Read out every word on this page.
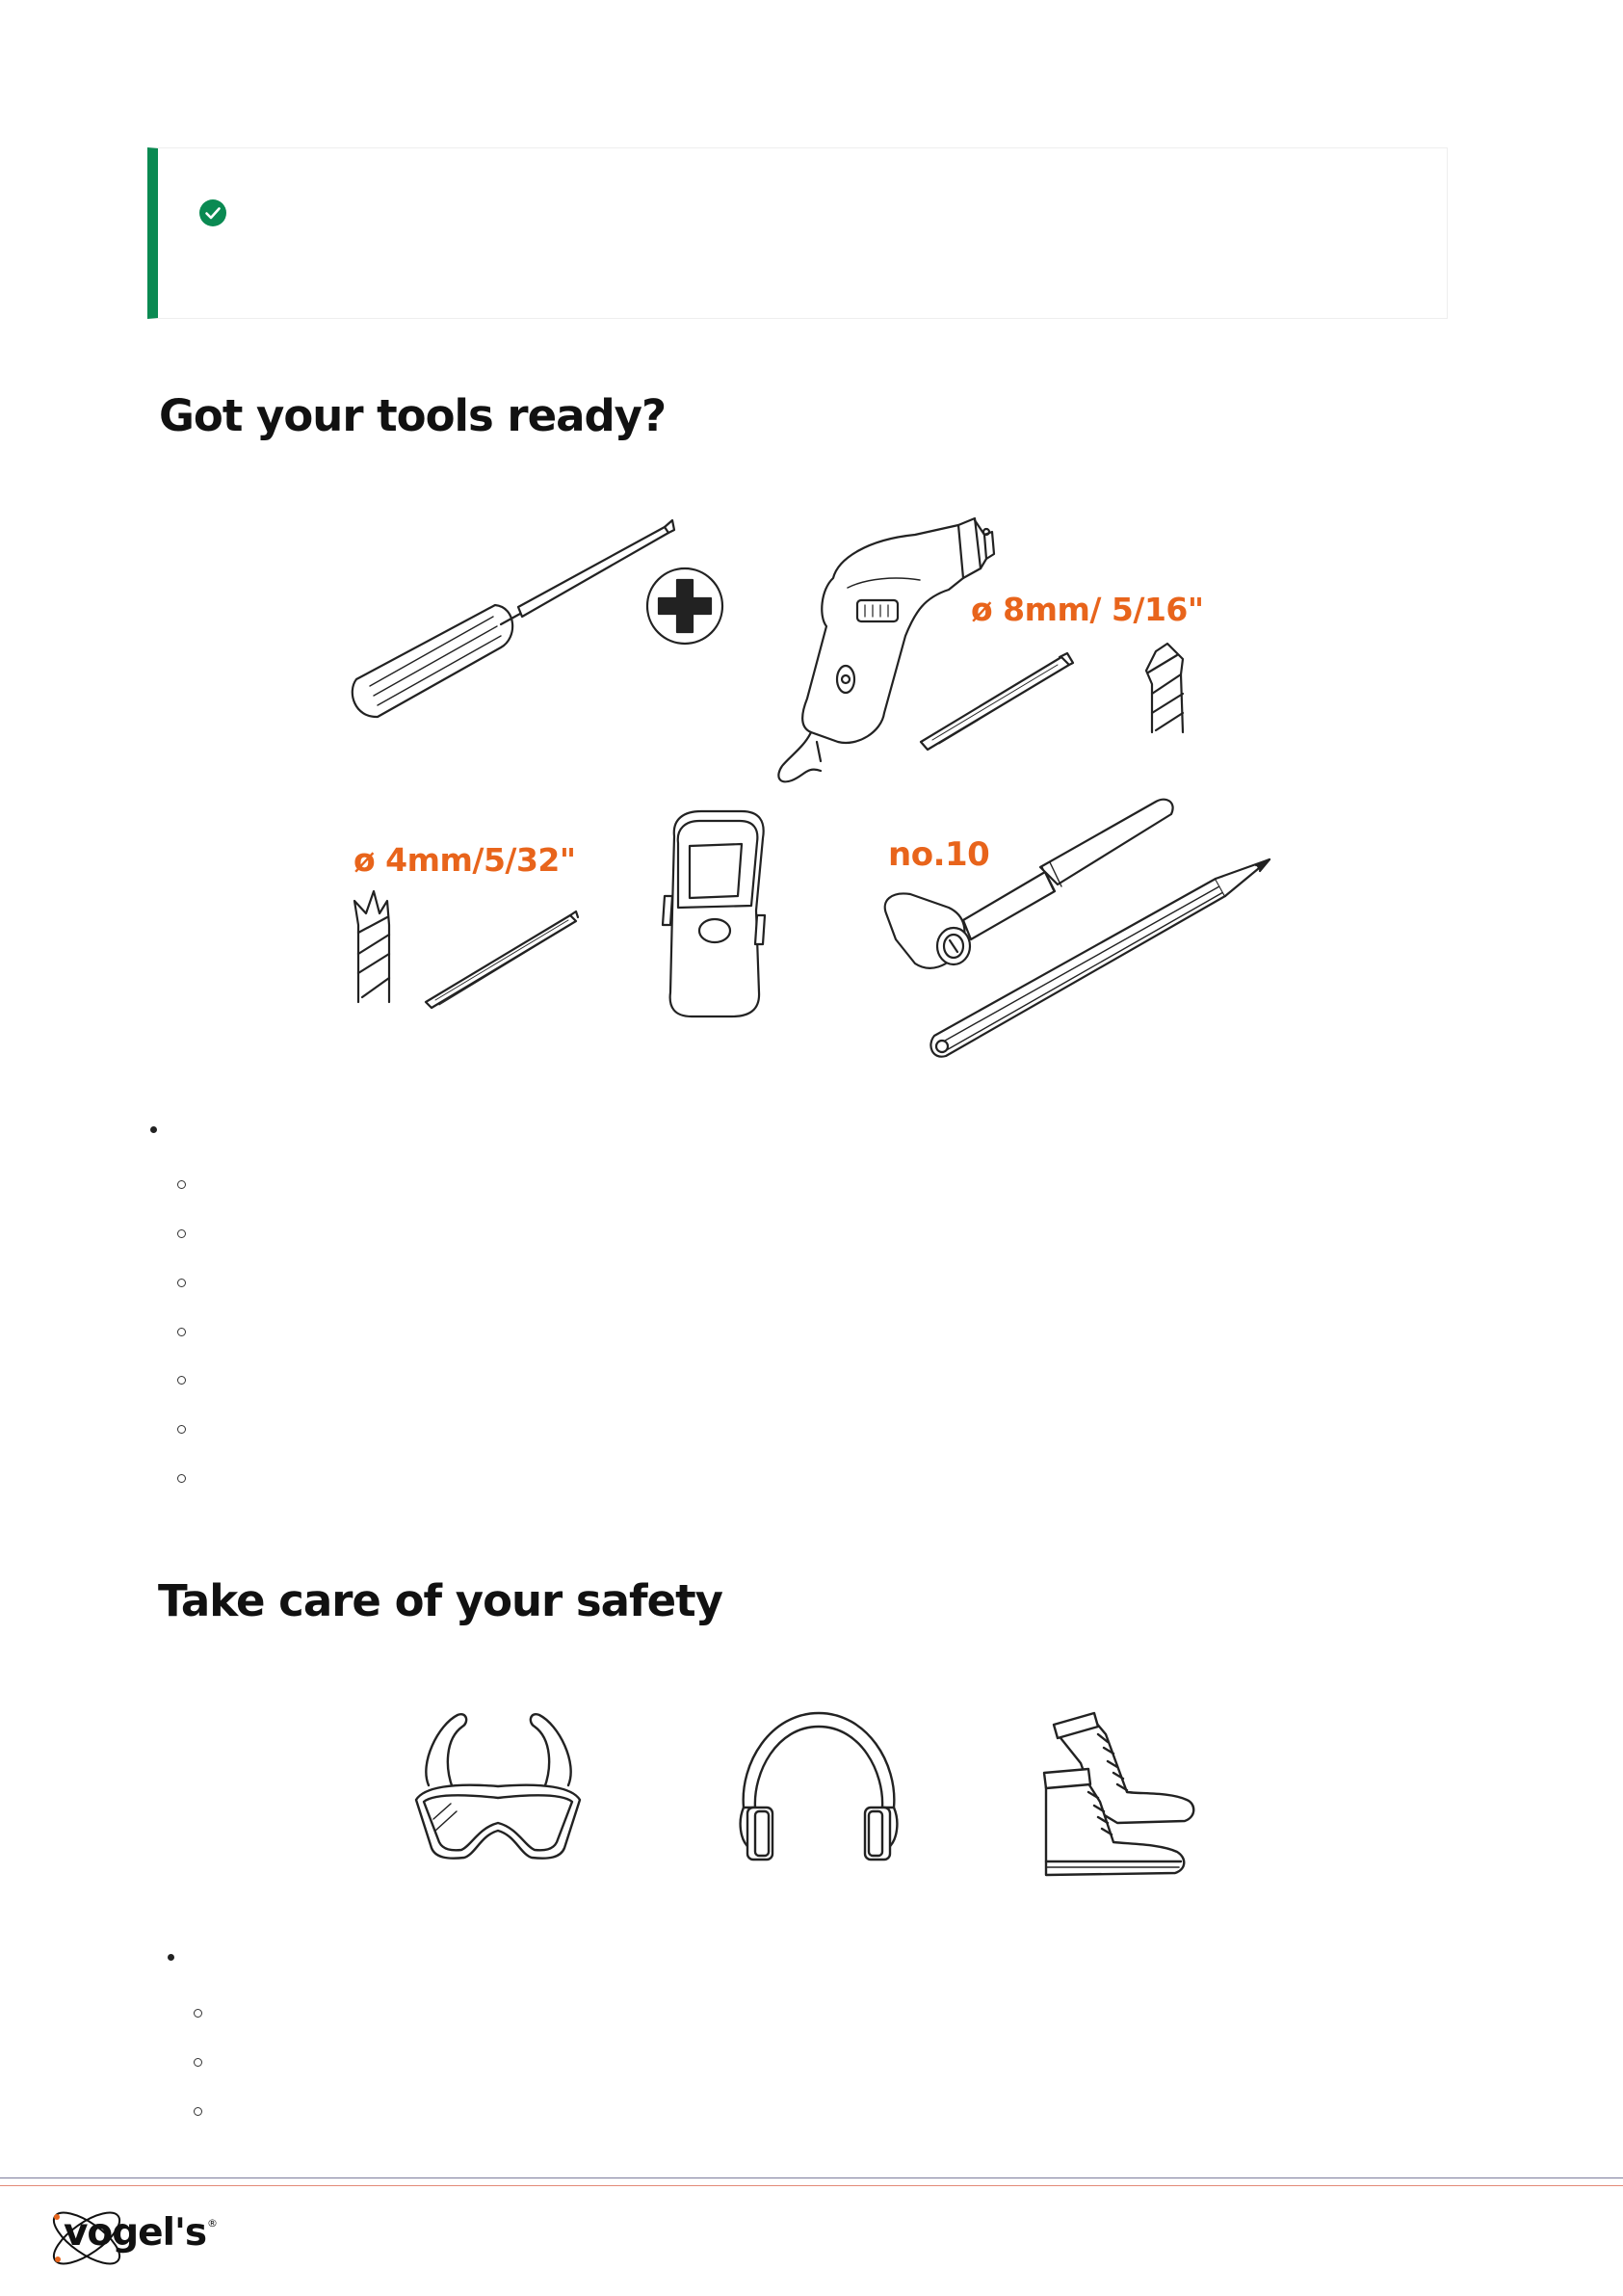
Got your tools ready?
ø 8mm/ 5/16"
ø 4mm/5/32"	no.10
Take care of your safety
vogel's ®
